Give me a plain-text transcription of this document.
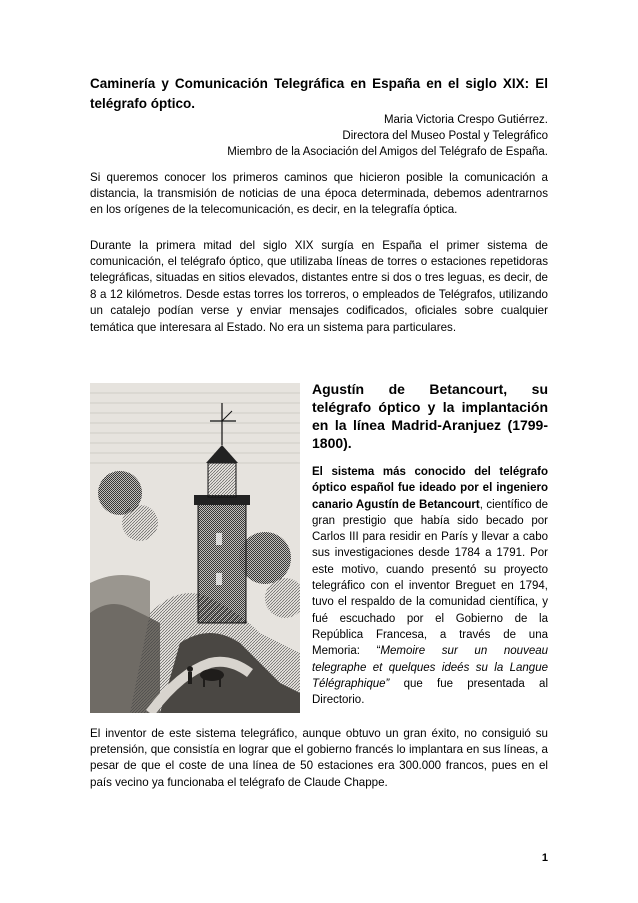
Caminería y Comunicación Telegráfica en España en el siglo XIX: El telégrafo óptico.
Maria Victoria Crespo Gutiérrez.
Directora del Museo Postal y Telegráfico
Miembro de la Asociación del Amigos del Telégrafo de España.

Si queremos conocer los primeros caminos que hicieron posible la comunicación a distancia, la transmisión de noticias de una época determinada, debemos adentrarnos en los orígenes de la telecomunicación, es decir, en la telegrafía óptica.

Durante la primera mitad del siglo XIX surgía en España el primer sistema de comunicación, el telégrafo óptico, que utilizaba líneas de torres o estaciones repetidoras telegráficas, situadas en sitios elevados, distantes entre si dos o tres leguas, es decir, de 8 a 12 kilómetros. Desde estas torres los torreros, o empleados de Telégrafos, utilizando un catalejo podían verse y enviar mensajes codificados, oficiales sobre cualquier temática que interesara al Estado. No era un sistema para particulares.

Agustín de Betancourt, su telégrafo óptico y la implantación en la línea Madrid-Aranjuez (1799-1800).

El sistema más conocido del telégrafo óptico español fue ideado por el ingeniero canario Agustín de Betancourt, científico de gran prestigio que había sido becado por Carlos III para residir en París y llevar a cabo sus investigaciones desde 1784 a 1791. Por este motivo, cuando presentó su proyecto telegráfico con el inventor Breguet en 1794, tuvo el respaldo de la comunidad científica, y fué escuchado por el Gobierno de la República Francesa, a través de una Memoria: “Memoire sur un nouveau telegraphe et quelques ideés su la Langue Télégraphique” que fue presentada al Directorio.

El inventor de este sistema telegráfico, aunque obtuvo un gran éxito, no consiguió su pretensión, que consistía en lograr que el gobierno francés lo implantara en sus líneas, a pesar de que el coste de una línea de 50 estaciones era 300.000 francos, pues en el país vecino ya funcionaba el telégrafo de Claude Chappe.

1
